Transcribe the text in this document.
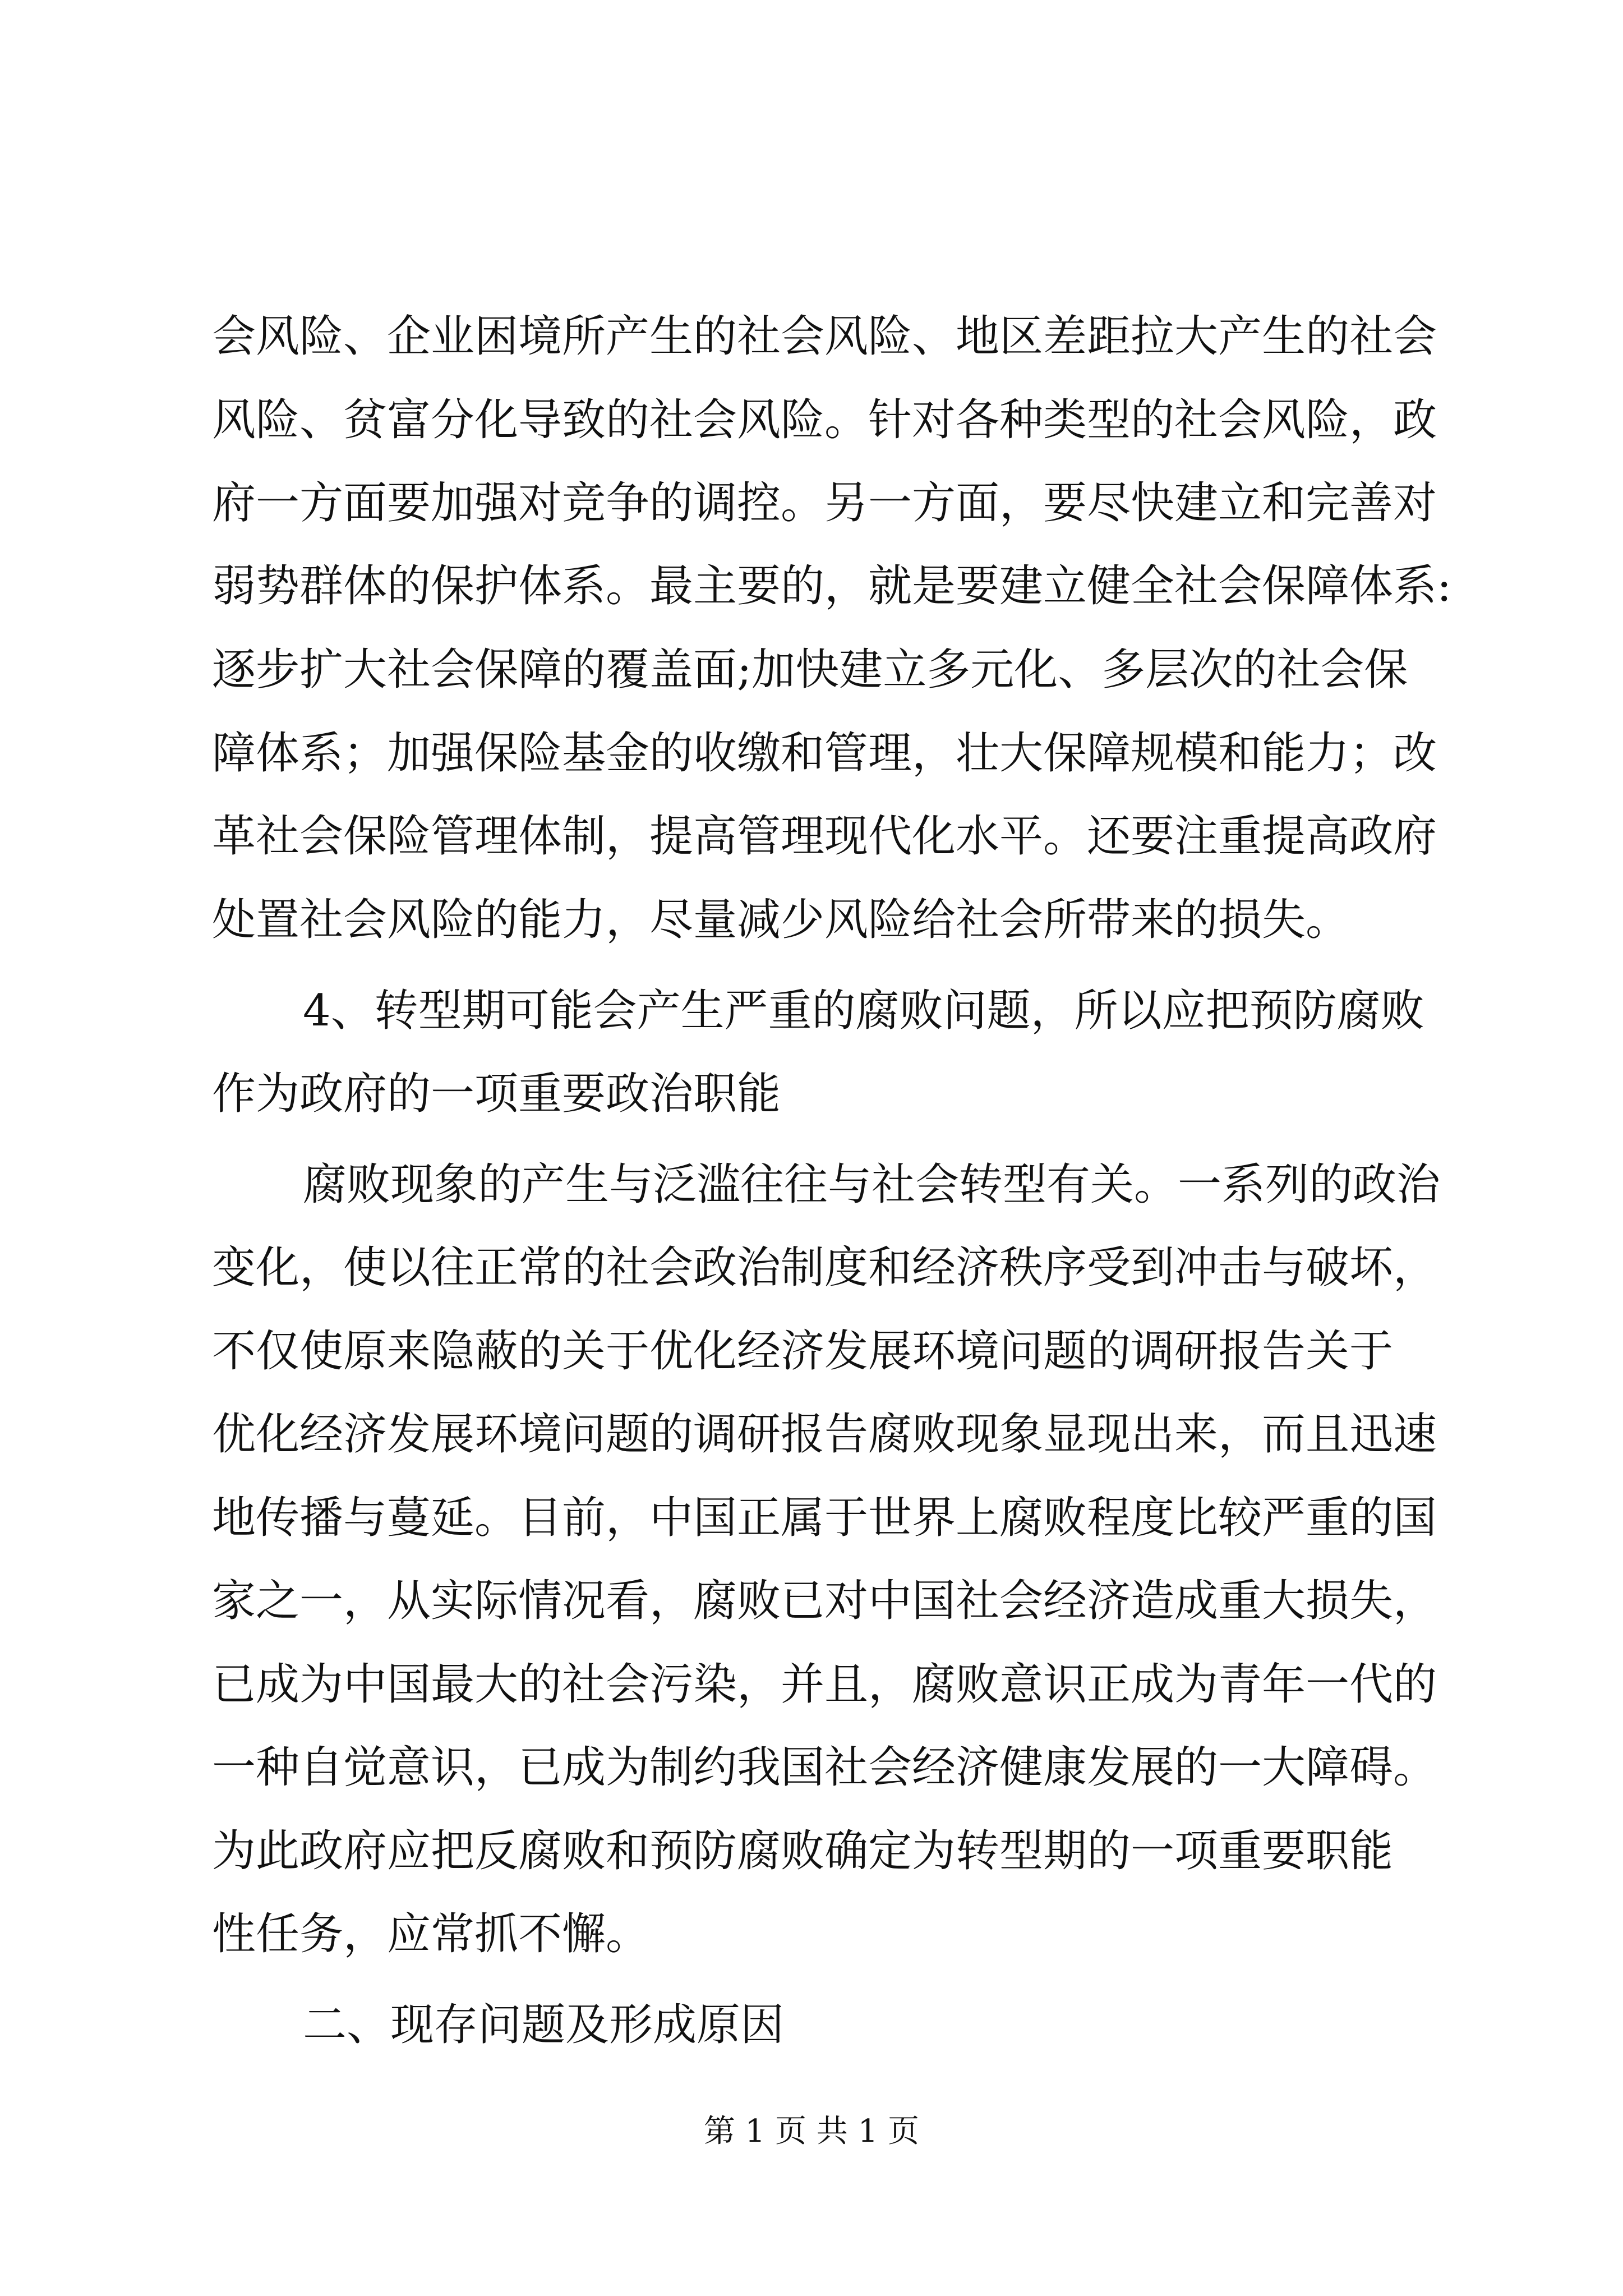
会风险、企业困境所产生的社会风险、地区差距拉大产生的社会
风险、贫富分化导致的社会风险。针对各种类型的社会风险，政
府一方面要加强对竞争的调控。另一方面，要尽快建立和完善对
弱势群体的保护体系。最主要的，就是要建立健全社会保障体系:
逐步扩大社会保障的覆盖面;加快建立多元化、多层次的社会保
障体系；加强保险基金的收缴和管理，壮大保障规模和能力；改
革社会保险管理体制，提高管理现代化水平。还要注重提高政府
处置社会风险的能力，尽量减少风险给社会所带来的损失。
4、转型期可能会产生严重的腐败问题，所以应把预防腐败
作为政府的一项重要政治职能
腐败现象的产生与泛滥往往与社会转型有关。一系列的政治
变化，使以往正常的社会政治制度和经济秩序受到冲击与破坏，
不仅使原来隐蔽的关于优化经济发展环境问题的调研报告关于
优化经济发展环境问题的调研报告腐败现象显现出来，而且迅速
地传播与蔓延。目前，中国正属于世界上腐败程度比较严重的国
家之一，从实际情况看，腐败已对中国社会经济造成重大损失，
已成为中国最大的社会污染，并且，腐败意识正成为青年一代的
一种自觉意识，已成为制约我国社会经济健康发展的一大障碍。
为此政府应把反腐败和预防腐败确定为转型期的一项重要职能
性任务，应常抓不懈。
二、现存问题及形成原因
第 1 页 共 1 页
